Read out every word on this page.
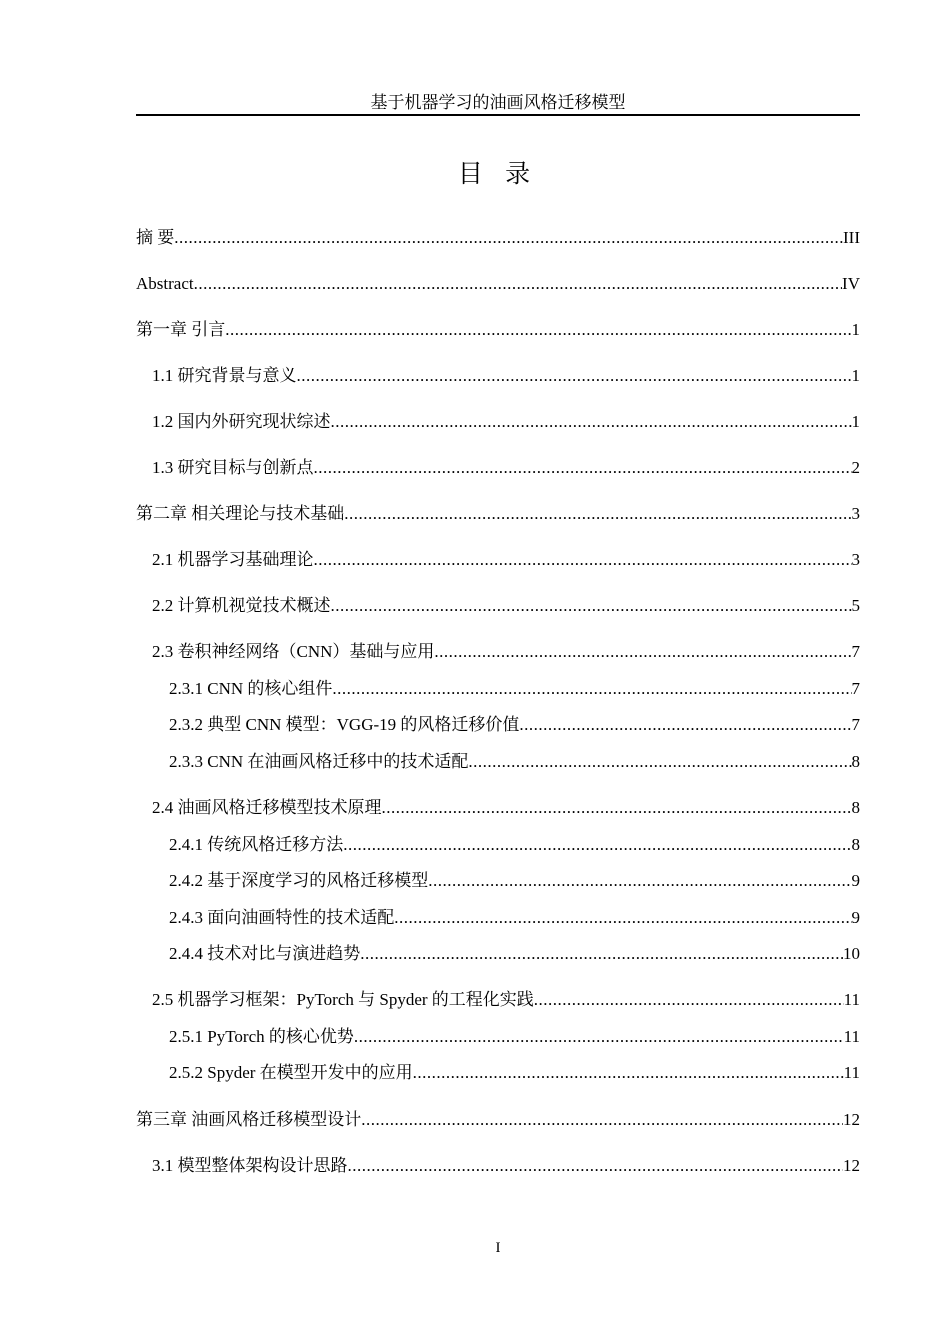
基于机器学习的油画风格迁移模型
目 录
摘 要 .....	III
Abstract .....	IV
第一章 引言 .....	1
1.1 研究背景与意义 .....	1
1.2 国内外研究现状综述 .....	1
1.3 研究目标与创新点 .....	2
第二章 相关理论与技术基础 .....	3
2.1 机器学习基础理论 .....	3
2.2 计算机视觉技术概述 .....	5
2.3 卷积神经网络（CNN）基础与应用 .....	7
2.3.1 CNN 的核心组件 .....	7
2.3.2 典型 CNN 模型：VGG-19 的风格迁移价值 .....	7
2.3.3 CNN 在油画风格迁移中的技术适配 .....	8
2.4 油画风格迁移模型技术原理 .....	8
2.4.1 传统风格迁移方法 .....	8
2.4.2 基于深度学习的风格迁移模型 .....	9
2.4.3 面向油画特性的技术适配 .....	9
2.4.4 技术对比与演进趋势 .....	10
2.5 机器学习框架：PyTorch 与 Spyder 的工程化实践 .....	11
2.5.1 PyTorch 的核心优势 .....	11
2.5.2 Spyder 在模型开发中的应用 .....	11
第三章 油画风格迁移模型设计 .....	12
3.1 模型整体架构设计思路 .....	12
I
